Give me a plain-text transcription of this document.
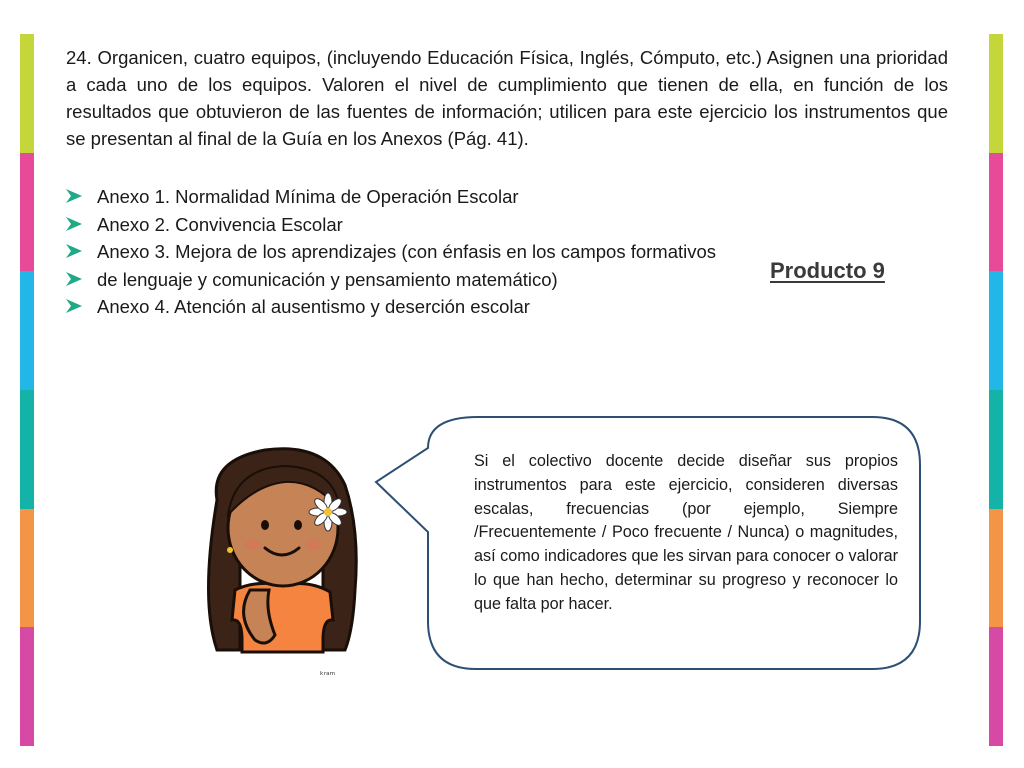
24. Organicen, cuatro equipos, (incluyendo Educación Física, Inglés, Cómputo, etc.) Asignen una prioridad a cada uno de los equipos. Valoren el nivel de cumplimiento que tienen de ella, en función de los resultados que obtuvieron de las fuentes de información; utilicen para este ejercicio los instrumentos que se presentan al final de la Guía en los Anexos (Pág. 41).

Anexo 1. Normalidad Mínima de Operación Escolar
Anexo 2. Convivencia Escolar
Anexo 3. Mejora de los aprendizajes (con énfasis en los campos formativos
de lenguaje y comunicación y pensamiento matemático)
Anexo 4. Atención al ausentismo y deserción escolar
Producto 9

Si el colectivo docente decide diseñar sus propios instrumentos para este ejercicio, consideren diversas escalas, frecuencias (por ejemplo, Siempre /Frecuentemente / Poco frecuente / Nunca) o magnitudes, así como indicadores que les sirvan para conocer o valorar lo que han hecho, determinar su progreso y reconocer lo que falta por hacer.

ᵏʳᵃᵐ
